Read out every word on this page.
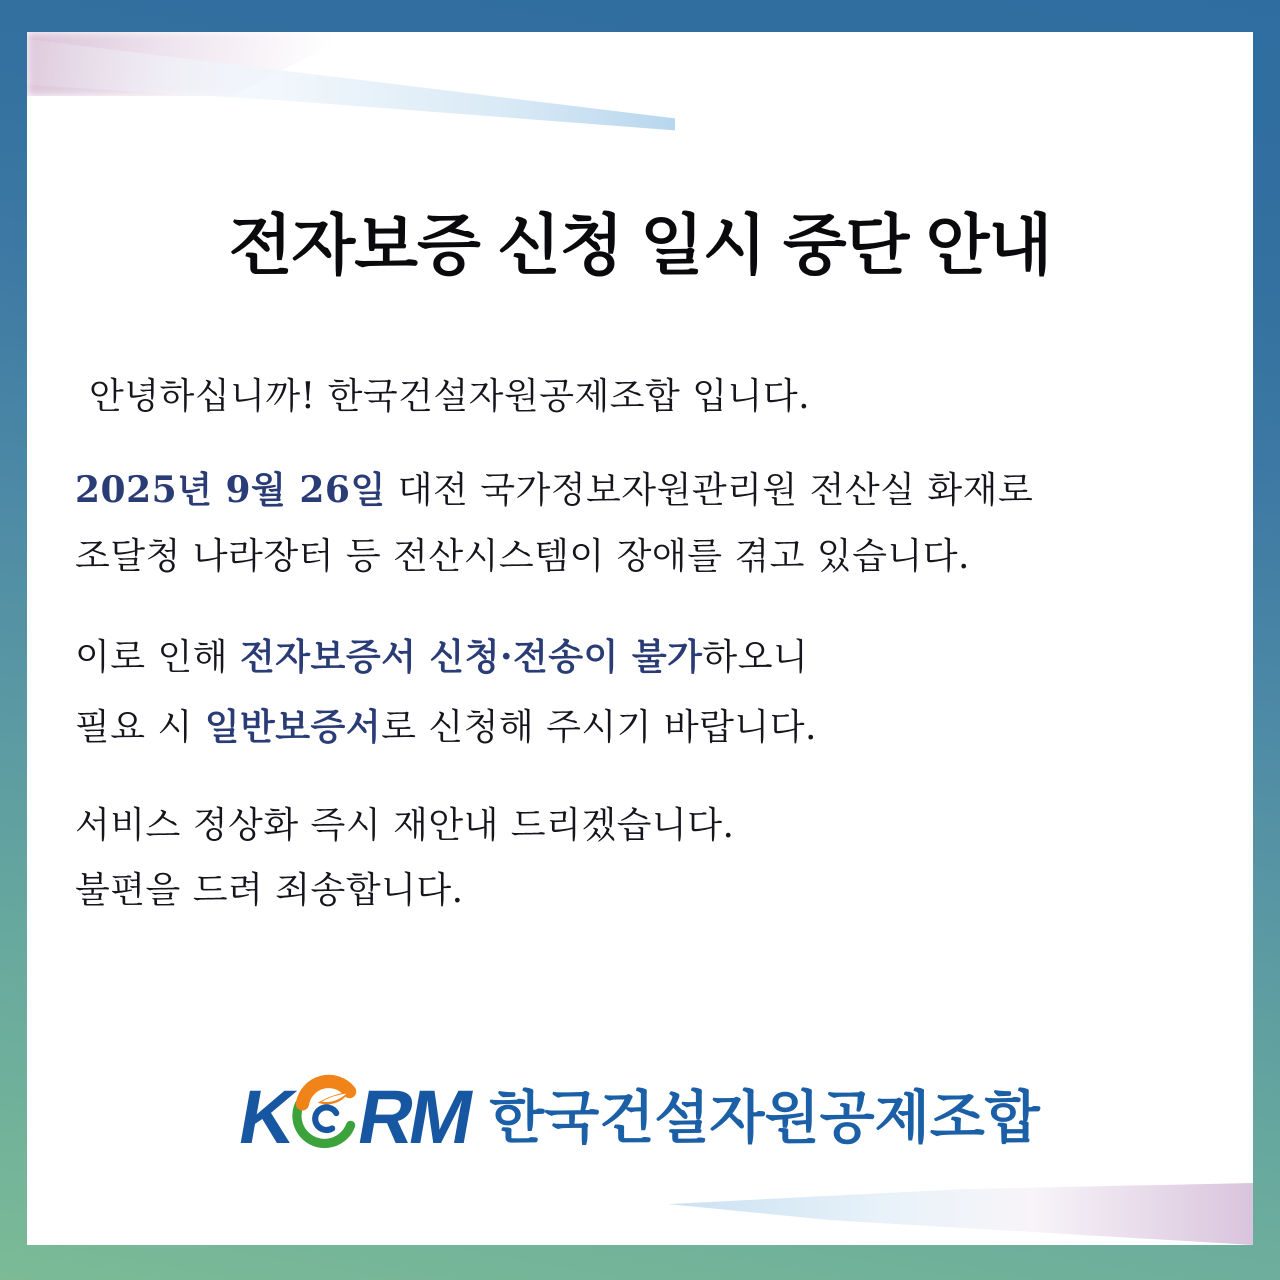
전자보증 신청 일시 중단 안내

안녕하십니까! 한국건설자원공제조합 입니다.

2025년 9월 26일 대전 국가정보자원관리원 전산실 화재로

조달청 나라장터 등 전산시스템이 장애를 겪고 있습니다.

이로 인해 전자보증서 신청·전송이 불가하오니

필요 시 일반보증서로 신청해 주시기 바랍니다.

서비스 정상화 즉시 재안내 드리겠습니다.

불편을 드려 죄송합니다.

K RM 한국건설자원공제조합
